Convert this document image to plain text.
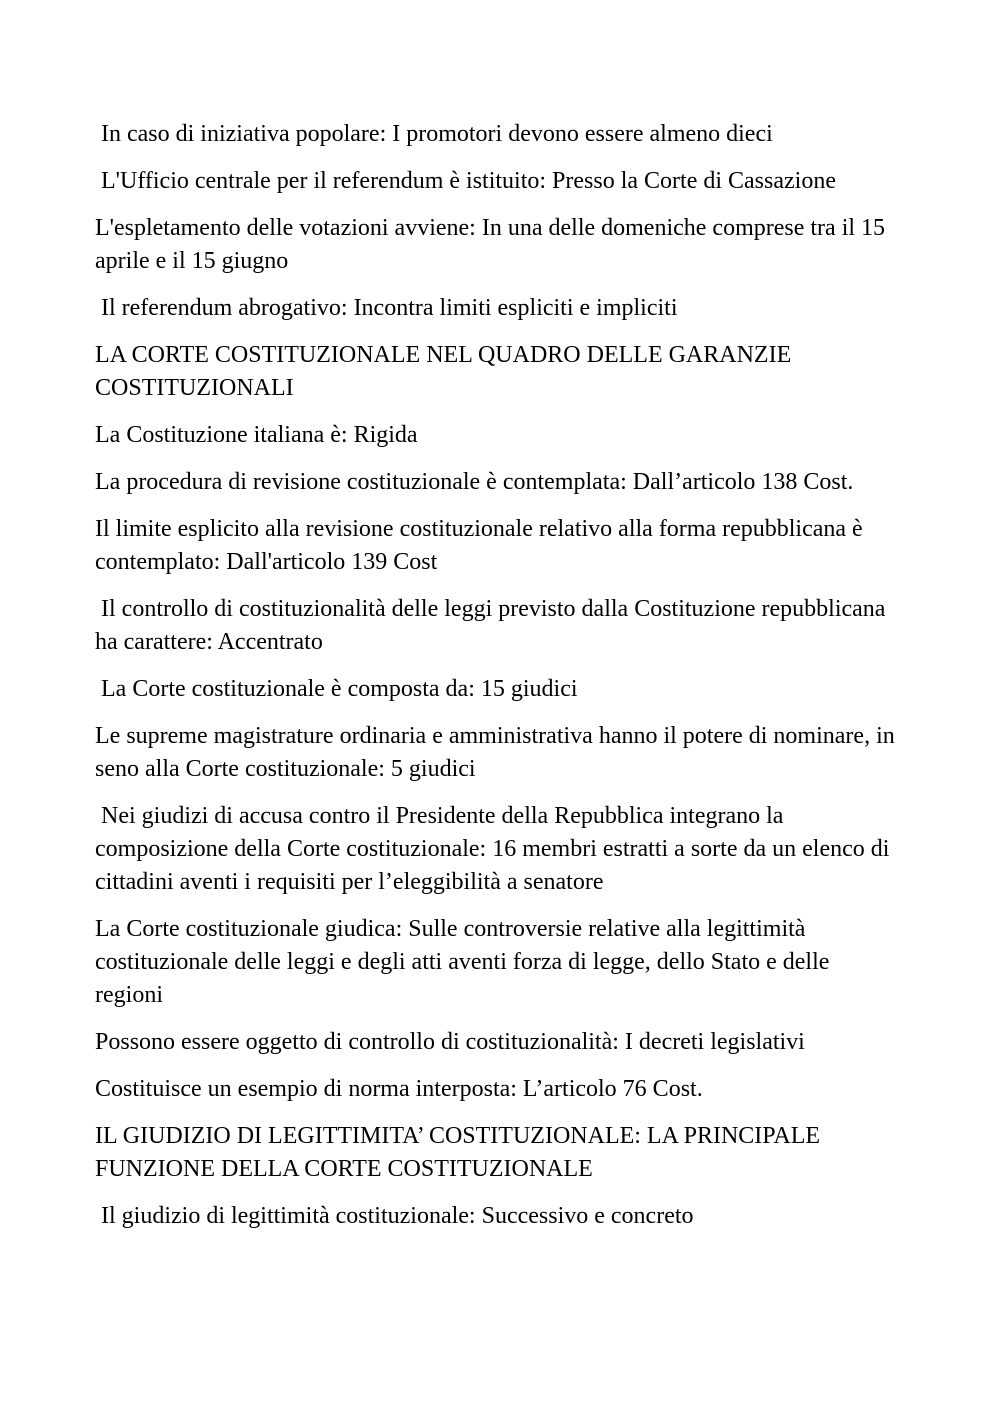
In caso di iniziativa popolare: I promotori devono essere almeno dieci

L'Ufficio centrale per il referendum è istituito: Presso la Corte di Cassazione

L'espletamento delle votazioni avviene: In una delle domeniche comprese tra il 15 aprile e il 15 giugno

Il referendum abrogativo: Incontra limiti espliciti e impliciti

LA CORTE COSTITUZIONALE NEL QUADRO DELLE GARANZIE COSTITUZIONALI

La Costituzione italiana è: Rigida

La procedura di revisione costituzionale è contemplata: Dall’articolo 138 Cost.

Il limite esplicito alla revisione costituzionale relativo alla forma repubblicana è contemplato: Dall'articolo 139 Cost

Il controllo di costituzionalità delle leggi previsto dalla Costituzione repubblicana ha carattere: Accentrato

La Corte costituzionale è composta da: 15 giudici

Le supreme magistrature ordinaria e amministrativa hanno il potere di nominare, in seno alla Corte costituzionale: 5 giudici

Nei giudizi di accusa contro il Presidente della Repubblica integrano la composizione della Corte costituzionale: 16 membri estratti a sorte da un elenco di cittadini aventi i requisiti per l’eleggibilità a senatore

La Corte costituzionale giudica: Sulle controversie relative alla legittimità costituzionale delle leggi e degli atti aventi forza di legge, dello Stato e delle regioni

Possono essere oggetto di controllo di costituzionalità: I decreti legislativi

Costituisce un esempio di norma interposta: L’articolo 76 Cost.

IL GIUDIZIO DI LEGITTIMITA’ COSTITUZIONALE: LA PRINCIPALE FUNZIONE DELLA CORTE COSTITUZIONALE

Il giudizio di legittimità costituzionale: Successivo e concreto
